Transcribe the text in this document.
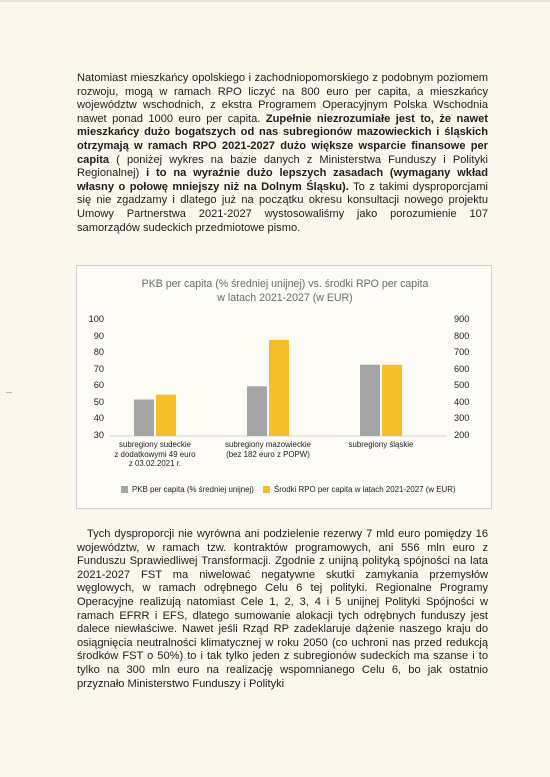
Natomiast mieszkańcy opolskiego i zachodniopomorskiego z podobnym poziomem rozwoju, mogą w ramach RPO liczyć na 800 euro per capita, a mieszkańcy województw wschodnich, z ekstra Programem Operacyjnym Polska Wschodnia nawet ponad 1000 euro per capita. Zupełnie niezrozumiałe jest to, że nawet mieszkańcy dużo bogatszych od nas subregionów mazowieckich i śląskich otrzymają w ramach RPO 2021-2027 dużo większe wsparcie finansowe per capita ( poniżej wykres na bazie danych z Ministerstwa Funduszy i Polityki Regionalnej) i to na wyraźnie dużo lepszych zasadach (wymagany wkład własny o połowę mniejszy niż na Dolnym Śląsku). To z takimi dysproporcjami się nie zgadzamy i dlatego już na początku okresu konsultacji nowego projektu Umowy Partnerstwa 2021-2027 wystosowaliśmy jako porozumienie 107 samorządów sudeckich przedmiotowe pismo.

PKB per capita (% średniej unijnej) vs. środki RPO per capita
w latach 2021-2027 (w EUR)
100
90
80
70
60
50
40
30
900
800
700
600
500
400
300
200
subregiony sudeckie
z dodatkowymi 49 euro
z 03.02.2021 r.
subregiony mazowieckie
(bez 182 euro z POPW)
subregiony śląskie
PKB per capita (% średniej unijnej)	Środki RPO per capita w latach 2021-2027 (w EUR)

Tych dysproporcji nie wyrówna ani podzielenie rezerwy 7 mld euro pomiędzy 16 województw, w ramach tzw. kontraktów programowych, ani 556 mln euro z Funduszu Sprawiedliwej Transformacji. Zgodnie z unijną polityką spójności na lata 2021-2027 FST ma niwelować negatywne skutki zamykania przemysłów węglowych, w ramach odrębnego Celu 6 tej polityki. Regionalne Programy Operacyjne realizują natomiast Cele 1, 2, 3, 4 i 5 unijnej Polityki Spójności w ramach EFRR i EFS, dlatego sumowanie alokacji tych odrębnych funduszy jest dalece niewłaściwe. Nawet jeśli Rząd RP zadeklaruje dążenie naszego kraju do osiągnięcia neutralności klimatycznej w roku 2050 (co uchroni nas przed redukcją środków FST o 50%) to i tak tylko jeden z subregionów sudeckich ma szanse i to tylko na 300 mln euro na realizację wspomnianego Celu 6, bo jak ostatnio przyznało Ministerstwo Funduszy i Polityki
